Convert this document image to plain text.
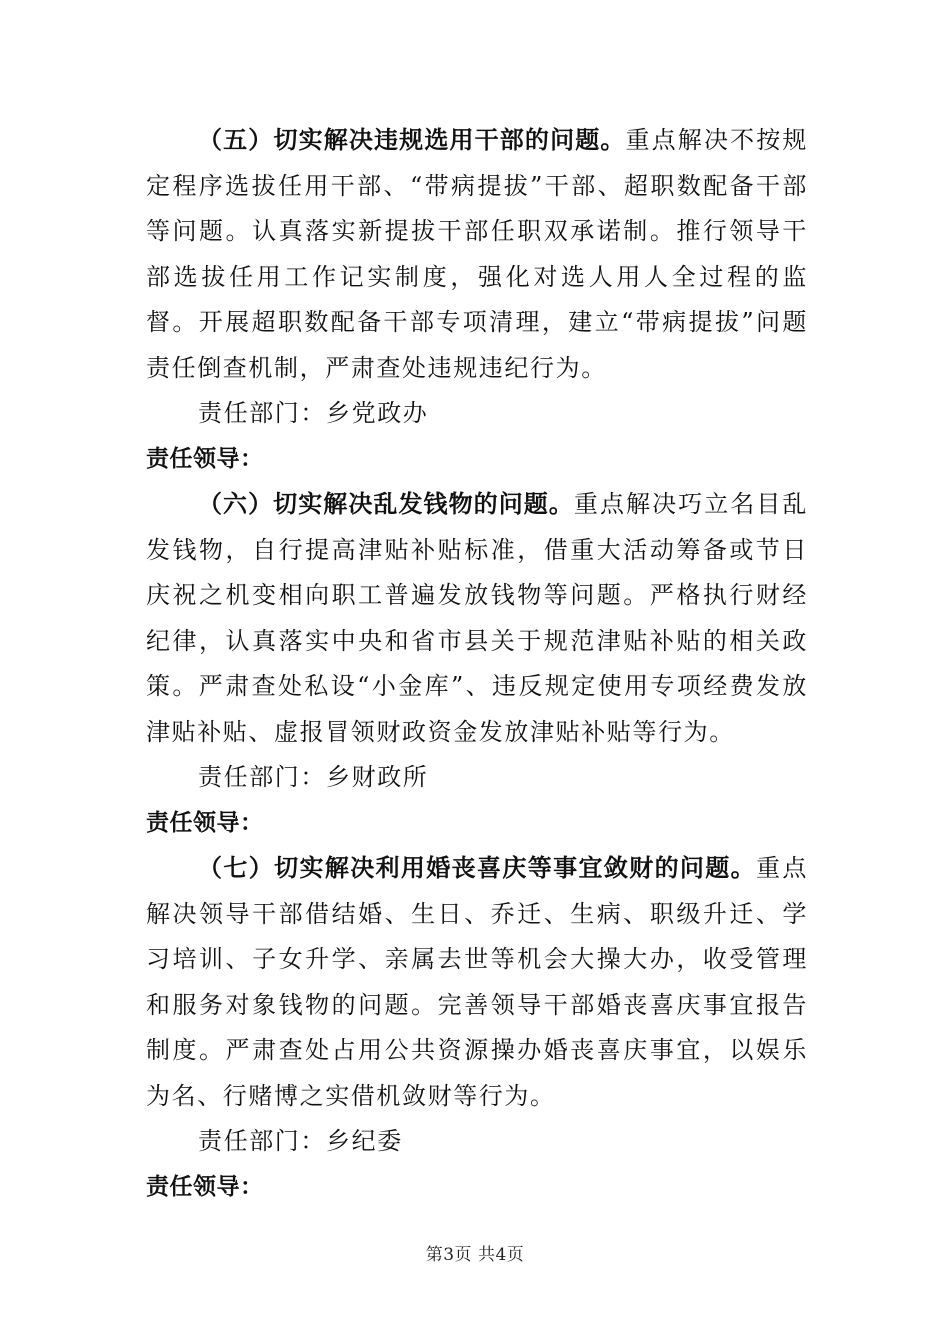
（五）切实解决违规选用干部的问题。重点解决不按规定程序选拔任用干部、“带病提拔”干部、超职数配备干部等问题。认真落实新提拔干部任职双承诺制。推行领导干部选拔任用工作记实制度，强化对选人用人全过程的监督。开展超职数配备干部专项清理，建立“带病提拔”问题责任倒查机制，严肃查处违规违纪行为。

责任部门：乡党政办

责任领导：

（六）切实解决乱发钱物的问题。重点解决巧立名目乱发钱物，自行提高津贴补贴标准，借重大活动筹备或节日庆祝之机变相向职工普遍发放钱物等问题。严格执行财经纪律，认真落实中央和省市县关于规范津贴补贴的相关政策。严肃查处私设“小金库”、违反规定使用专项经费发放津贴补贴、虚报冒领财政资金发放津贴补贴等行为。

责任部门：乡财政所

责任领导：

（七）切实解决利用婚丧喜庆等事宜敛财的问题。重点解决领导干部借结婚、生日、乔迁、生病、职级升迁、学习培训、子女升学、亲属去世等机会大操大办，收受管理和服务对象钱物的问题。完善领导干部婚丧喜庆事宜报告制度。严肃查处占用公共资源操办婚丧喜庆事宜，以娱乐为名、行赌博之实借机敛财等行为。

责任部门：乡纪委

责任领导：

第3页 共4页
